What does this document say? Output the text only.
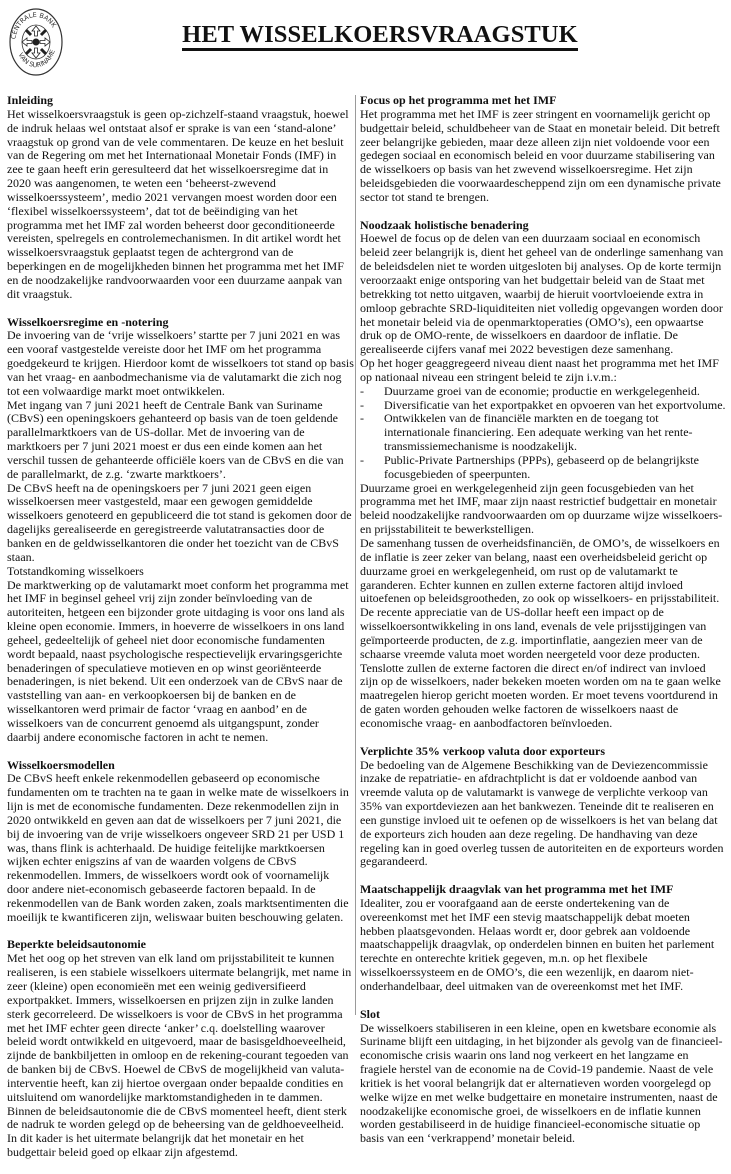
CENTRALE BANK
VAN SURINAME
HET WISSELKOERSVRAAGSTUK
Inleiding

Het wisselkoersvraagstuk is geen op-zichzelf-staand vraagstuk, hoewel de indruk helaas wel ontstaat alsof er sprake is van een ‘stand-alone’ vraagstuk op grond van de vele commentaren. De keuze en het besluit van de Regering om met het Internationaal Monetair Fonds (IMF) in zee te gaan heeft erin geresulteerd dat het wisselkoersregime dat in 2020 was aangenomen, te weten een ‘beheerst-zwevend wisselkoerssysteem’, medio 2021 vervangen moest worden door een ‘flexibel wisselkoerssysteem’, dat tot de beëindiging van het programma met het IMF zal worden beheerst door geconditioneerde vereisten, spelregels en controlemechanismen. In dit artikel wordt het wisselkoersvraagstuk geplaatst tegen de achtergrond van de beperkingen en de mogelijkheden binnen het programma met het IMF en de noodzakelijke randvoorwaarden voor een duurzame aanpak van dit vraagstuk.

Wisselkoersregime en -notering

De invoering van de ‘vrije wisselkoers’ startte per 7 juni 2021 en was een vooraf vastgestelde vereiste door het IMF om het programma goedgekeurd te krijgen. Hierdoor komt de wisselkoers tot stand op basis van het vraag- en aanbodmechanisme via de valutamarkt die zich nog tot een volwaardige markt moet ontwikkelen.

Met ingang van 7 juni 2021 heeft de Centrale Bank van Suriname (CBvS) een openingskoers gehanteerd op basis van de toen geldende parallelmarktkoers van de US-dollar. Met de invoering van de marktkoers per 7 juni 2021 moest er dus een einde komen aan het verschil tussen de gehanteerde officiële koers van de CBvS en die van de parallelmarkt, de z.g. ‘zwarte marktkoers’.

De CBvS heeft na de openingskoers per 7 juni 2021 geen eigen wisselkoersen meer vastgesteld, maar een gewogen gemiddelde wisselkoers genoteerd en gepubliceerd die tot stand is gekomen door de dagelijks gerealiseerde en geregistreerde valutatransacties door de banken en de geldwisselkantoren die onder het toezicht van de CBvS staan.

Totstandkoming wisselkoers

De marktwerking op de valutamarkt moet conform het programma met het IMF in beginsel geheel vrij zijn zonder beïnvloeding van de autoriteiten, hetgeen een bijzonder grote uitdaging is voor ons land als kleine open economie. Immers, in hoeverre de wisselkoers in ons land geheel, gedeeltelijk of geheel niet door economische fundamenten wordt bepaald, naast psychologische respectievelijk ervaringsgerichte benaderingen of speculatieve motieven en op winst georiënteerde benaderingen, is niet bekend. Uit een onderzoek van de CBvS naar de vaststelling van aan- en verkoopkoersen bij de banken en de wisselkantoren werd primair de factor ‘vraag en aanbod’ en de wisselkoers van de concurrent genoemd als uitgangspunt, zonder daarbij andere economische factoren in acht te nemen.

Wisselkoersmodellen

De CBvS heeft enkele rekenmodellen gebaseerd op economische fundamenten om te trachten na te gaan in welke mate de wisselkoers in lijn is met de economische fundamenten. Deze rekenmodellen zijn in 2020 ontwikkeld en geven aan dat de wisselkoers per 7 juni 2021, die bij de invoering van de vrije wisselkoers ongeveer SRD 21 per USD 1 was, thans flink is achterhaald. De huidige feitelijke marktkoersen wijken echter enigszins af van de waarden volgens de CBvS rekenmodellen. Immers, de wisselkoers wordt ook of voornamelijk door andere niet-economisch gebaseerde factoren bepaald. In de rekenmodellen van de Bank worden zaken, zoals marktsentimenten die moeilijk te kwantificeren zijn, weliswaar buiten beschouwing gelaten.

Beperkte beleidsautonomie

Met het oog op het streven van elk land om prijsstabiliteit te kunnen realiseren, is een stabiele wisselkoers uitermate belangrijk, met name in zeer (kleine) open economieën met een weinig gediversifieerd exportpakket. Immers, wisselkoersen en prijzen zijn in zulke landen sterk gecorreleerd. De wisselkoers is voor de CBvS in het programma met het IMF echter geen directe ‘anker’ c.q. doelstelling waarover beleid wordt ontwikkeld en uitgevoerd, maar de basisgeldhoeveelheid, zijnde de bankbiljetten in omloop en de rekening-courant tegoeden van de banken bij de CBvS. Hoewel de CBvS de mogelijkheid van valuta-interventie heeft, kan zij hiertoe overgaan onder bepaalde condities en uitsluitend om wanordelijke marktomstandigheden in te dammen. Binnen de beleidsautonomie die de CBvS momenteel heeft, dient sterk de nadruk te worden gelegd op de beheersing van de geldhoeveelheid. In dit kader is het uitermate belangrijk dat het monetair en het budgettair beleid goed op elkaar zijn afgestemd.

Focus op het programma met het IMF

Het programma met het IMF is zeer stringent en voornamelijk gericht op budgettair beleid, schuldbeheer van de Staat en monetair beleid. Dit betreft zeer belangrijke gebieden, maar deze alleen zijn niet voldoende voor een gedegen sociaal en economisch beleid en voor duurzame stabilisering van de wisselkoers op basis van het zwevend wisselkoersregime. Het zijn beleidsgebieden die voorwaardescheppend zijn om een dynamische private sector tot stand te brengen.

Noodzaak holistische benadering

Hoewel de focus op de delen van een duurzaam sociaal en economisch beleid zeer belangrijk is, dient het geheel van de onderlinge samenhang van de beleidsdelen niet te worden uitgesloten bij analyses. Op de korte termijn veroorzaakt enige ontsporing van het budgettair beleid van de Staat met betrekking tot netto uitgaven, waarbij de hieruit voortvloeiende extra in omloop gebrachte SRD-liquiditeiten niet volledig opgevangen worden door het monetair beleid via de openmarktoperaties (OMO’s), een opwaartse druk op de OMO-rente, de wisselkoers en daardoor de inflatie. De gerealiseerde cijfers vanaf mei 2022 bevestigen deze samenhang.

Op het hoger geaggregeerd niveau dient naast het programma met het IMF op nationaal niveau een stringent beleid te zijn i.v.m.:

- Duurzame groei van de economie; productie en werkgelegenheid.
- Diversificatie van het exportpakket en opvoeren van het exportvolume.
- Ontwikkelen van de financiële markten en de toegang tot internationale financiering. Een adequate werking van het rente-transmissiemechanisme is noodzakelijk.
- Public-Private Partnerships (PPPs), gebaseerd op de belangrijkste focusgebieden of speerpunten.

Duurzame groei en werkgelegenheid zijn geen focusgebieden van het programma met het IMF, maar zijn naast restrictief budgettair en monetair beleid noodzakelijke randvoorwaarden om op duurzame wijze wisselkoers- en prijsstabiliteit te bewerkstelligen.

De samenhang tussen de overheidsfinanciën, de OMO’s, de wisselkoers en de inflatie is zeer zeker van belang, naast een overheidsbeleid gericht op duurzame groei en werkgelegenheid, om rust op de valutamarkt te garanderen. Echter kunnen en zullen externe factoren altijd invloed uitoefenen op beleidsgrootheden, zo ook op wisselkoers- en prijsstabiliteit. De recente appreciatie van de US-dollar heeft een impact op de wisselkoersontwikkeling in ons land, evenals de vele prijsstijgingen van geïmporteerde producten, de z.g. importinflatie, aangezien meer van de schaarse vreemde valuta moet worden neergeteld voor deze producten.

Tenslotte zullen de externe factoren die direct en/of indirect van invloed zijn op de wisselkoers, nader bekeken moeten worden om na te gaan welke maatregelen hierop gericht moeten worden. Er moet tevens voortdurend in de gaten worden gehouden welke factoren de wisselkoers naast de economische vraag- en aanbodfactoren beïnvloeden.

Verplichte 35% verkoop valuta door exporteurs

De bedoeling van de Algemene Beschikking van de Deviezencommissie inzake de repatriatie- en afdrachtplicht is dat er voldoende aanbod van vreemde valuta op de valutamarkt is vanwege de verplichte verkoop van 35% van exportdeviezen aan het bankwezen. Teneinde dit te realiseren en een gunstige invloed uit te oefenen op de wisselkoers is het van belang dat de exporteurs zich houden aan deze regeling. De handhaving van deze regeling kan in goed overleg tussen de autoriteiten en de exporteurs worden gegarandeerd.

Maatschappelijk draagvlak van het programma met het IMF

Idealiter, zou er voorafgaand aan de eerste ondertekening van de overeenkomst met het IMF een stevig maatschappelijk debat moeten hebben plaatsgevonden. Helaas wordt er, door gebrek aan voldoende maatschappelijk draagvlak, op onderdelen binnen en buiten het parlement terechte en onterechte kritiek gegeven, m.n. op het flexibele wisselkoerssysteem en de OMO’s, die een wezenlijk, en daarom niet-onderhandelbaar, deel uitmaken van de overeenkomst met het IMF.

Slot

De wisselkoers stabiliseren in een kleine, open en kwetsbare economie als Suriname blijft een uitdaging, in het bijzonder als gevolg van de financieel-economische crisis waarin ons land nog verkeert en het langzame en fragiele herstel van de economie na de Covid-19 pandemie. Naast de vele kritiek is het vooral belangrijk dat er alternatieven worden voorgelegd op welke wijze en met welke budgettaire en monetaire instrumenten, naast de noodzakelijke economische groei, de wisselkoers en de inflatie kunnen worden gestabiliseerd in de huidige financieel-economische situatie op basis van een ‘verkrappend’ monetair beleid.
